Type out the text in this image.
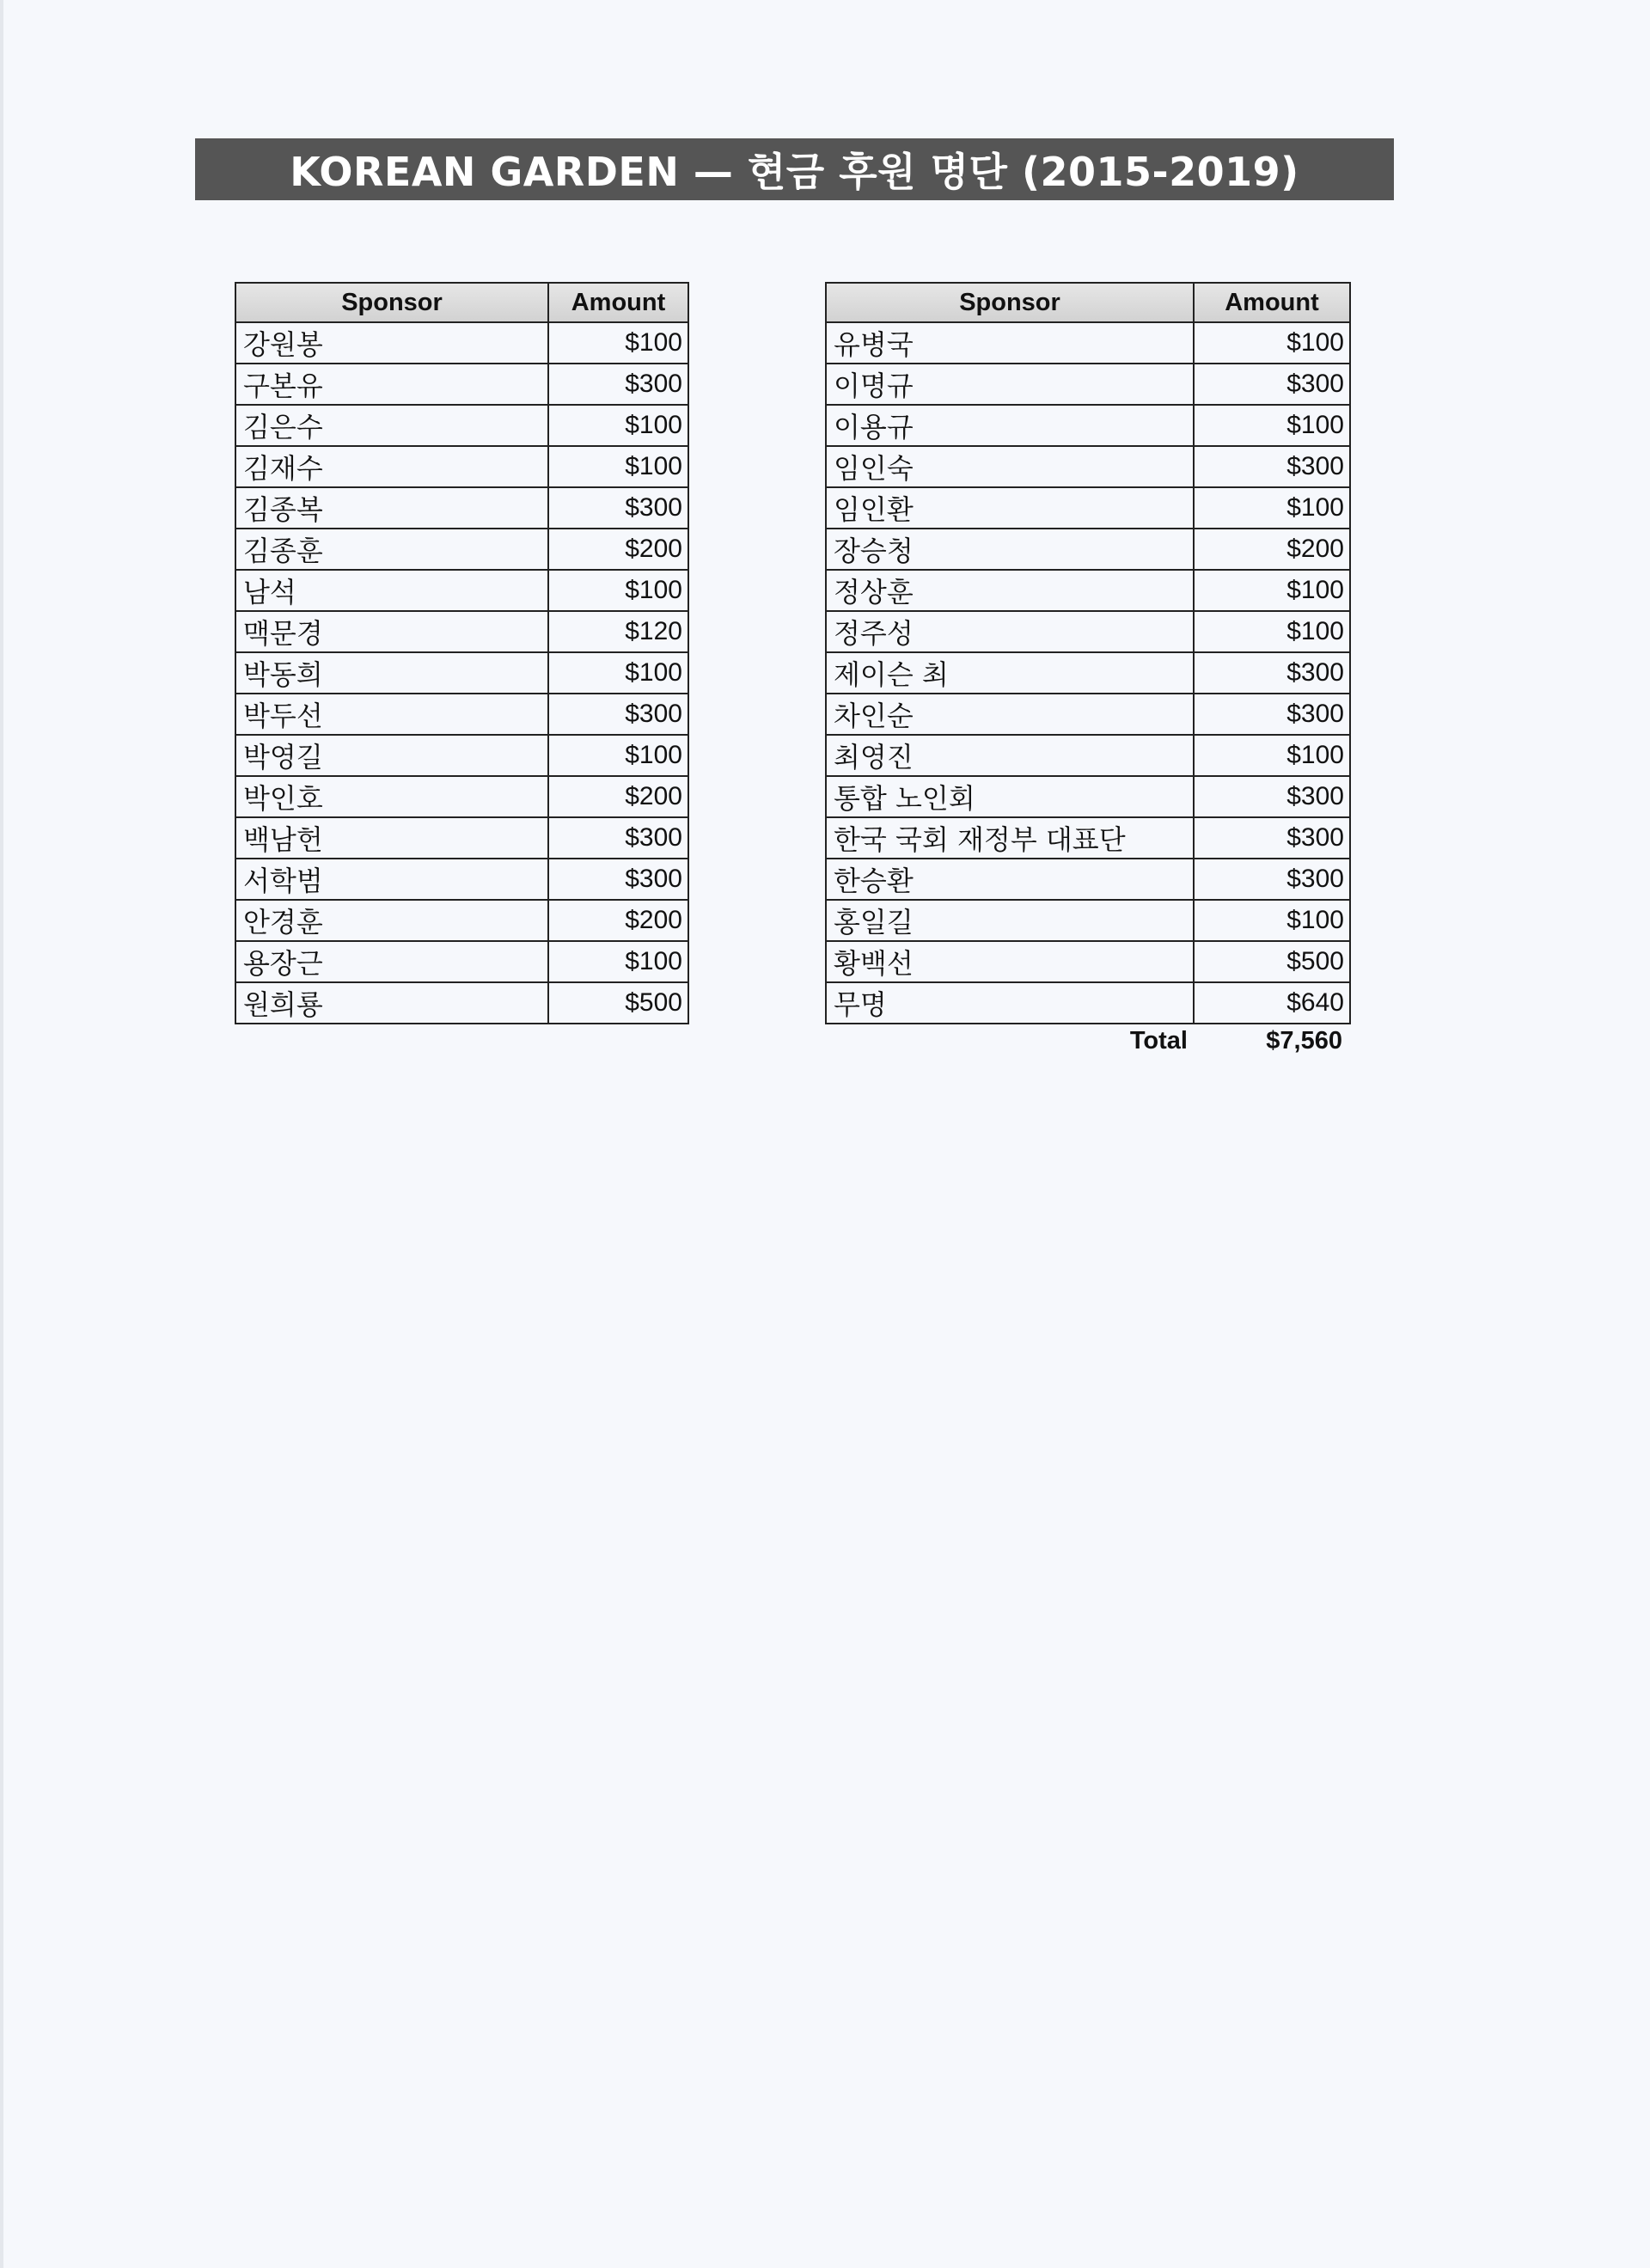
KOREAN GARDEN — 현금 후원 명단 (2015-2019)
Sponsor	Amount
강원봉	$100
구본유	$300
김은수	$100
김재수	$100
김종복	$300
김종훈	$200
남석	$100
맥문경	$120
박동희	$100
박두선	$300
박영길	$100
박인호	$200
백남헌	$300
서학범	$300
안경훈	$200
용장근	$100
원희룡	$500
Sponsor	Amount
유병국	$100
이명규	$300
이용규	$100
임인숙	$300
임인환	$100
장승청	$200
정상훈	$100
정주성	$100
제이슨 최	$300
차인순	$300
최영진	$100
통합 노인회	$300
한국 국회 재정부 대표단	$300
한승환	$300
홍일길	$100
황백선	$500
무명	$640
Total	$7,560
